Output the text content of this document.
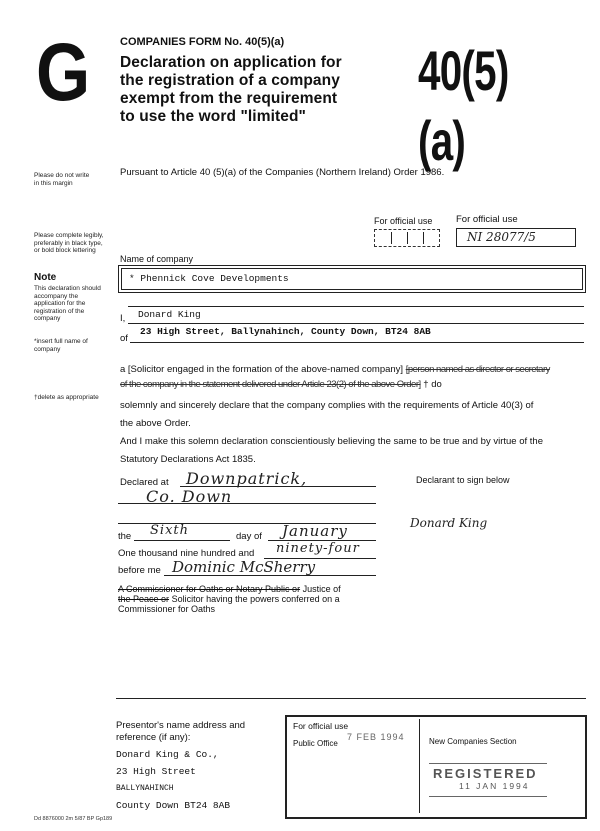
G	COMPANIES FORM No. 40(5)(a)
Declaration on application for
the registration of a company
exempt from the requirement
to use the word "limited"
40(5)(a)
Please do not write in this margin
Please complete legibly, preferably in black type, or bold block lettering
Note
This declaration should accompany the application for the registration of the company
*insert full name of company
†delete as appropriate
Pursuant to Article 40 (5)(a) of the Companies (Northern Ireland) Order 1986.
For official use For official use
NI 28077/5
Name of company
* Phennick Cove Developments
I, Donard King
of
23 High Street, Ballynahinch, County Down, BT24 8AB
a [Solicitor engaged in the formation of the above-named company] [person named as director or secretary
of the company in the statement delivered under Article 23(2) of the above Order] † do
solemnly and sincerely declare that the company complies with the requirements of Article 40(3) of
the above Order.
And I make this solemn declaration conscientiously believing the same to be true and by virtue of the
Statutory Declarations Act 1835.
Declared at Downpatrick,
Co. Down
Declarant to sign below
Donard King
the Sixth	day of January
One thousand nine hundred and ninety-four
before me Dominic McSherry
A Commissioner for Oaths or Notary Public or Justice of
the Peace or Solicitor having the powers conferred on a
Commissioner for Oaths
Presentor's name address and
reference (if any):
Donard King & Co.,
23 High Street
BALLYNAHINCH
County Down BT24 8AB
For official use
Public Office
7 FEB 1994	New Companies Section
REGISTERED
11 JAN 1994
Dd 8876000 2m 5/87 BP Gp189
